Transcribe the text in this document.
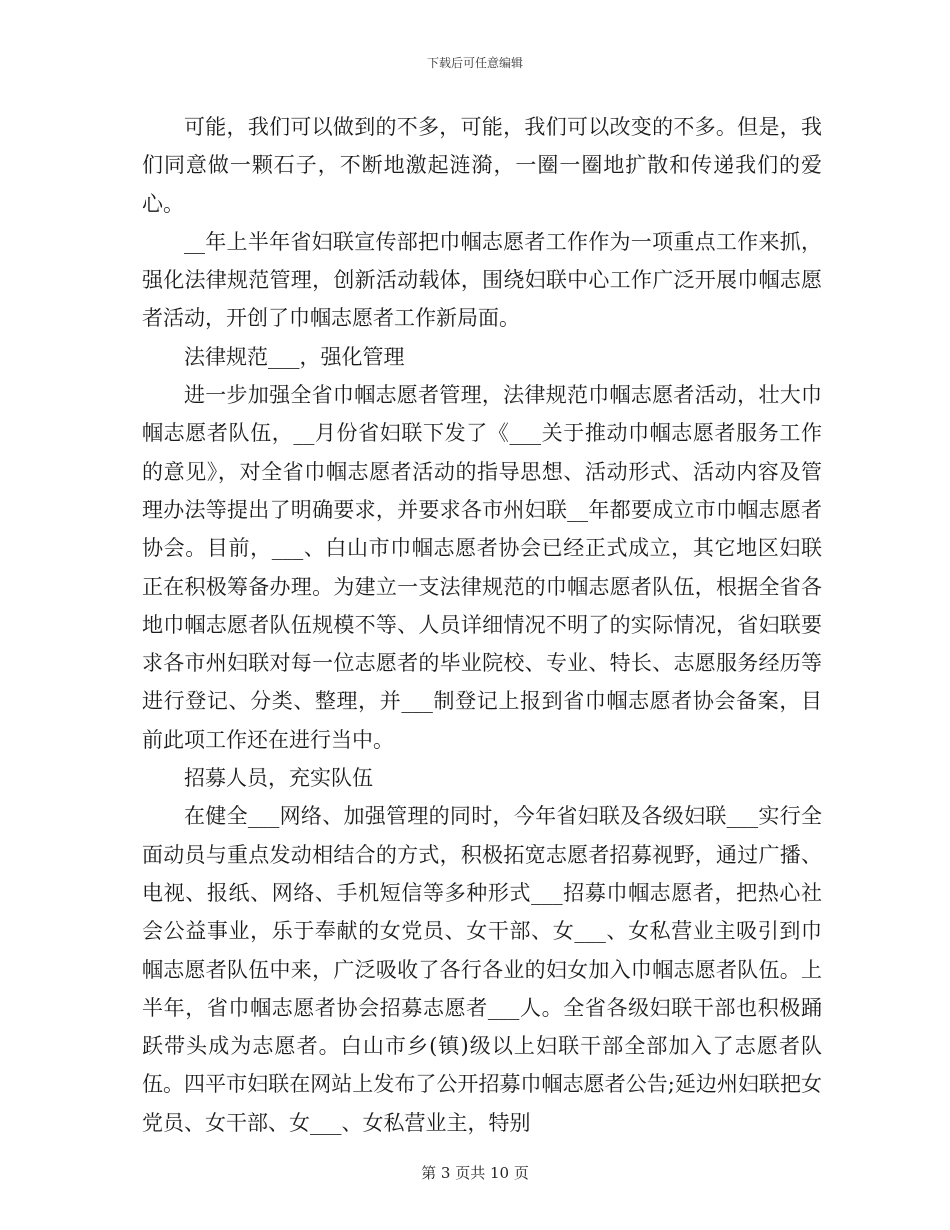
下载后可任意编辑

可能，我们可以做到的不多，可能，我们可以改变的不多。但是，我们同意做一颗石子，不断地激起涟漪，一圈一圈地扩散和传递我们的爱心。

__年上半年省妇联宣传部把巾帼志愿者工作作为一项重点工作来抓，强化法律规范管理，创新活动载体，围绕妇联中心工作广泛开展巾帼志愿者活动，开创了巾帼志愿者工作新局面。

法律规范___，强化管理

进一步加强全省巾帼志愿者管理，法律规范巾帼志愿者活动，壮大巾帼志愿者队伍，__月份省妇联下发了《___关于推动巾帼志愿者服务工作的意见》，对全省巾帼志愿者活动的指导思想、活动形式、活动内容及管理办法等提出了明确要求，并要求各市州妇联__年都要成立市巾帼志愿者协会。目前，___、白山市巾帼志愿者协会已经正式成立，其它地区妇联正在积极筹备办理。为建立一支法律规范的巾帼志愿者队伍，根据全省各地巾帼志愿者队伍规模不等、人员详细情况不明了的实际情况，省妇联要求各市州妇联对每一位志愿者的毕业院校、专业、特长、志愿服务经历等进行登记、分类、整理，并___制登记上报到省巾帼志愿者协会备案，目前此项工作还在进行当中。

招募人员，充实队伍

在健全___网络、加强管理的同时，今年省妇联及各级妇联___实行全面动员与重点发动相结合的方式，积极拓宽志愿者招募视野，通过广播、电视、报纸、网络、手机短信等多种形式___招募巾帼志愿者，把热心社会公益事业，乐于奉献的女党员、女干部、女___、女私营业主吸引到巾帼志愿者队伍中来，广泛吸收了各行各业的妇女加入巾帼志愿者队伍。上半年，省巾帼志愿者协会招募志愿者___人。全省各级妇联干部也积极踊跃带头成为志愿者。白山市乡(镇)级以上妇联干部全部加入了志愿者队伍。四平市妇联在网站上发布了公开招募巾帼志愿者公告;延边州妇联把女党员、女干部、女___、女私营业主，特别

第 3 页共 10 页
